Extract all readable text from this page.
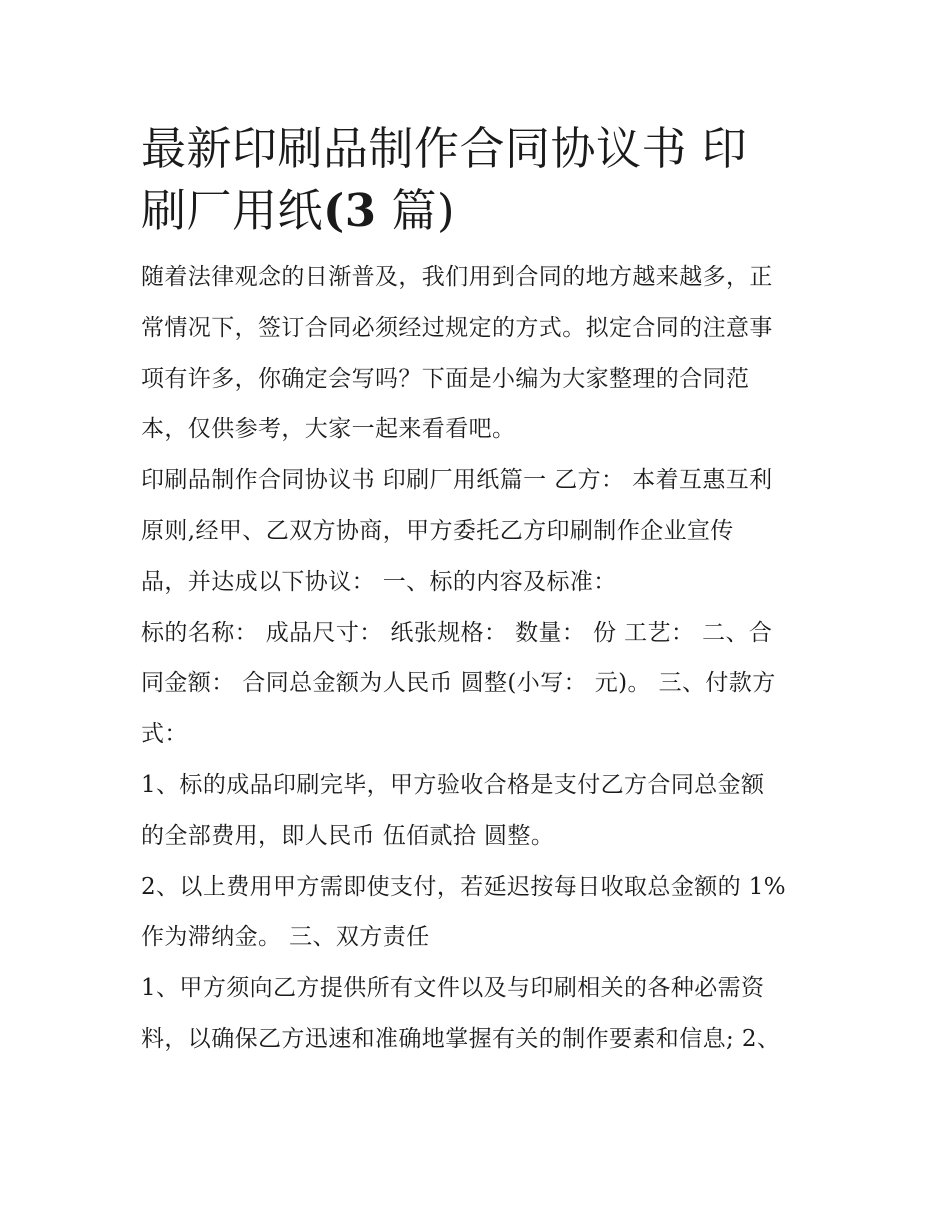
最新印刷品制作合同协议书 印
刷厂用纸(3 篇)

随着法律观念的日渐普及，我们用到合同的地方越来越多，正
常情况下，签订合同必须经过规定的方式。拟定合同的注意事
项有许多，你确定会写吗？下面是小编为大家整理的合同范
本，仅供参考，大家一起来看看吧。

印刷品制作合同协议书 印刷厂用纸篇一 乙方： 本着互惠互利
原则,经甲、乙双方协商，甲方委托乙方印刷制作企业宣传
品，并达成以下协议： 一、标的内容及标准：

标的名称： 成品尺寸： 纸张规格： 数量： 份 工艺： 二、合
同金额： 合同总金额为人民币 圆整(小写： 元)。 三、付款方
式：

1、标的成品印刷完毕，甲方验收合格是支付乙方合同总金额
的全部费用，即人民币 伍佰贰拾 圆整。

2、以上费用甲方需即使支付，若延迟按每日收取总金额的 1%
作为滞纳金。 三、双方责任

1、甲方须向乙方提供所有文件以及与印刷相关的各种必需资
料，以确保乙方迅速和准确地掌握有关的制作要素和信息; 2、
